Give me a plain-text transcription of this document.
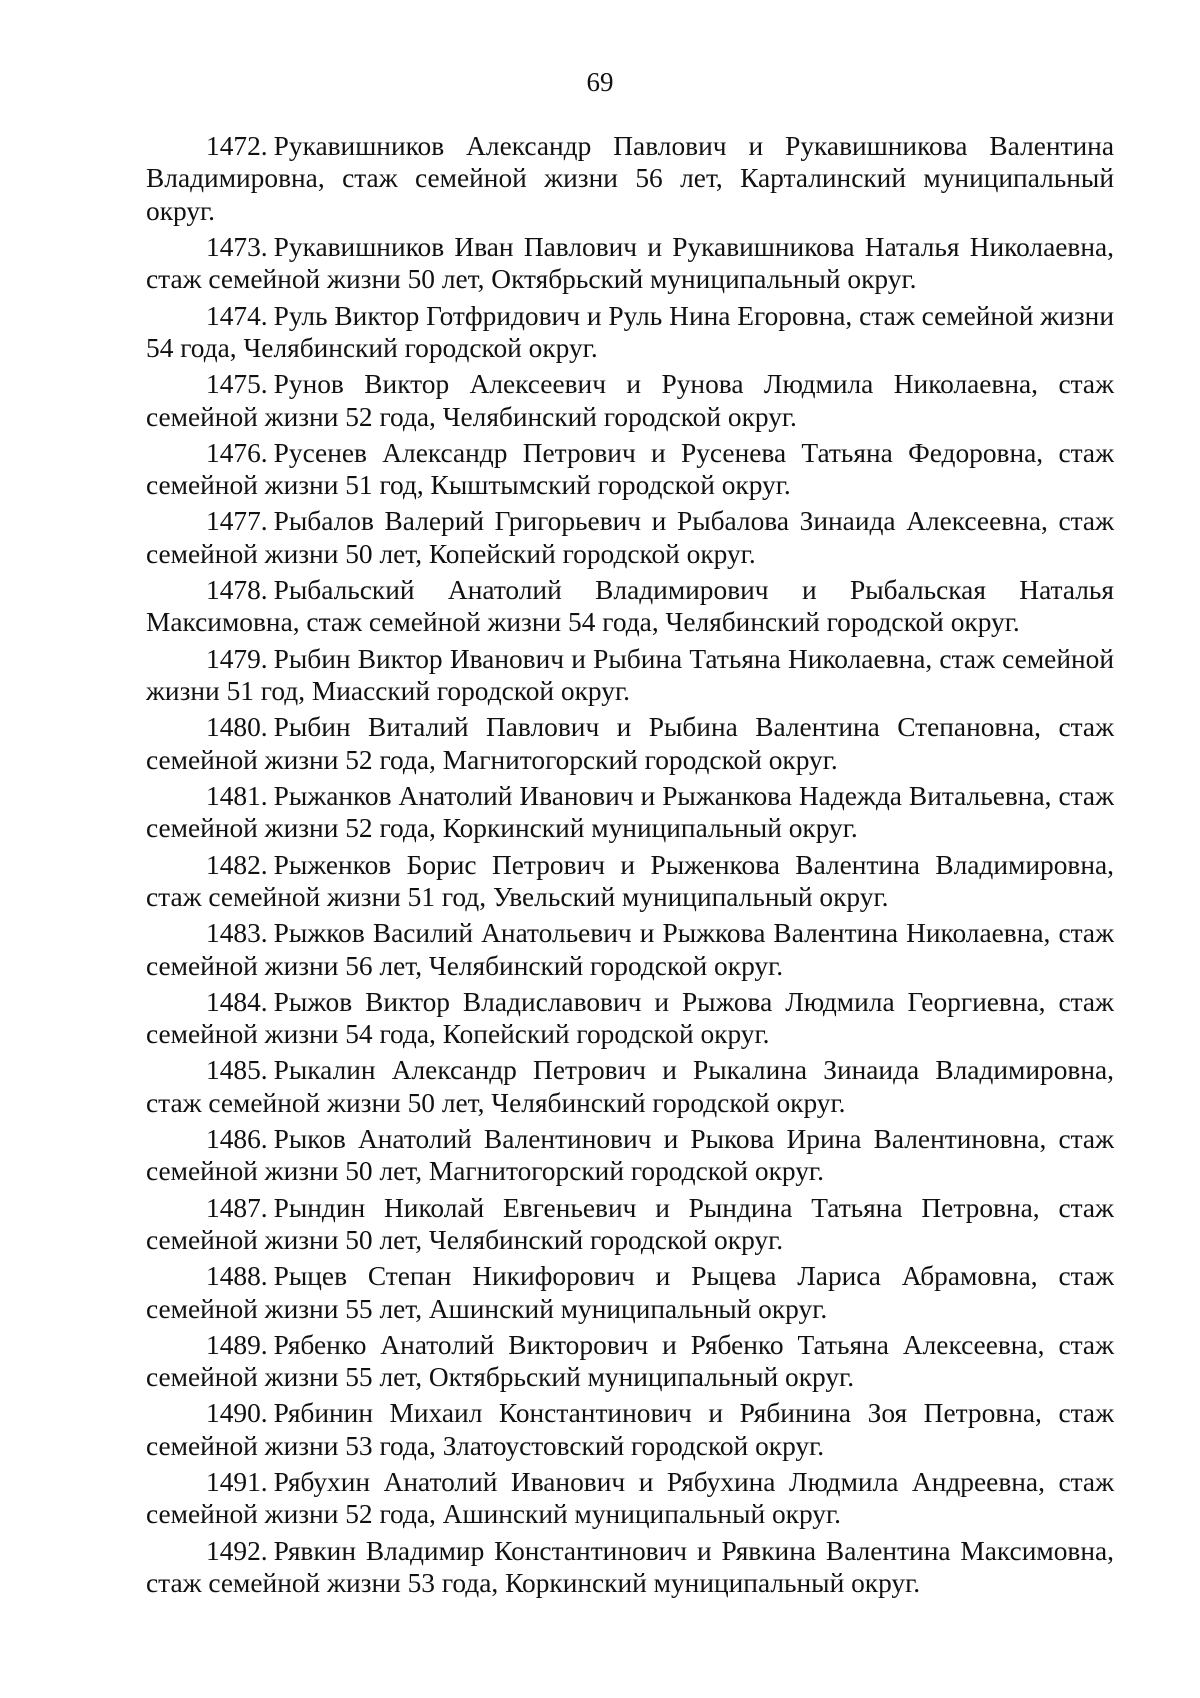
69

1472. Рукавишников Александр Павлович и Рукавишникова Валентина Владимировна, стаж семейной жизни 56 лет, Карталинский муниципальный округ.

1473. Рукавишников Иван Павлович и Рукавишникова Наталья Николаевна, стаж семейной жизни 50 лет, Октябрьский муниципальный округ.

1474. Руль Виктор Готфридович и Руль Нина Егоровна, стаж семейной жизни 54 года, Челябинский городской округ.

1475. Рунов Виктор Алексеевич и Рунова Людмила Николаевна, стаж семейной жизни 52 года, Челябинский городской округ.

1476. Русенев Александр Петрович и Русенева Татьяна Федоровна, стаж семейной жизни 51 год, Кыштымский городской округ.

1477. Рыбалов Валерий Григорьевич и Рыбалова Зинаида Алексеевна, стаж семейной жизни 50 лет, Копейский городской округ.

1478. Рыбальский Анатолий Владимирович и Рыбальская Наталья Максимовна, стаж семейной жизни 54 года, Челябинский городской округ.

1479. Рыбин Виктор Иванович и Рыбина Татьяна Николаевна, стаж семейной жизни 51 год, Миасский городской округ.

1480. Рыбин Виталий Павлович и Рыбина Валентина Степановна, стаж семейной жизни 52 года, Магнитогорский городской округ.

1481. Рыжанков Анатолий Иванович и Рыжанкова Надежда Витальевна, стаж семейной жизни 52 года, Коркинский муниципальный округ.

1482. Рыженков Борис Петрович и Рыженкова Валентина Владимировна, стаж семейной жизни 51 год, Увельский муниципальный округ.

1483. Рыжков Василий Анатольевич и Рыжкова Валентина Николаевна, стаж семейной жизни 56 лет, Челябинский городской округ.

1484. Рыжов Виктор Владиславович и Рыжова Людмила Георгиевна, стаж семейной жизни 54 года, Копейский городской округ.

1485. Рыкалин Александр Петрович и Рыкалина Зинаида Владимировна, стаж семейной жизни 50 лет, Челябинский городской округ.

1486. Рыков Анатолий Валентинович и Рыкова Ирина Валентиновна, стаж семейной жизни 50 лет, Магнитогорский городской округ.

1487. Рындин Николай Евгеньевич и Рындина Татьяна Петровна, стаж семейной жизни 50 лет, Челябинский городской округ.

1488. Рыцев Степан Никифорович и Рыцева Лариса Абрамовна, стаж семейной жизни 55 лет, Ашинский муниципальный округ.

1489. Рябенко Анатолий Викторович и Рябенко Татьяна Алексеевна, стаж семейной жизни 55 лет, Октябрьский муниципальный округ.

1490. Рябинин Михаил Константинович и Рябинина Зоя Петровна, стаж семейной жизни 53 года, Златоустовский городской округ.

1491. Рябухин Анатолий Иванович и Рябухина Людмила Андреевна, стаж семейной жизни 52 года, Ашинский муниципальный округ.

1492. Рявкин Владимир Константинович и Рявкина Валентина Максимовна, стаж семейной жизни 53 года, Коркинский муниципальный округ.
